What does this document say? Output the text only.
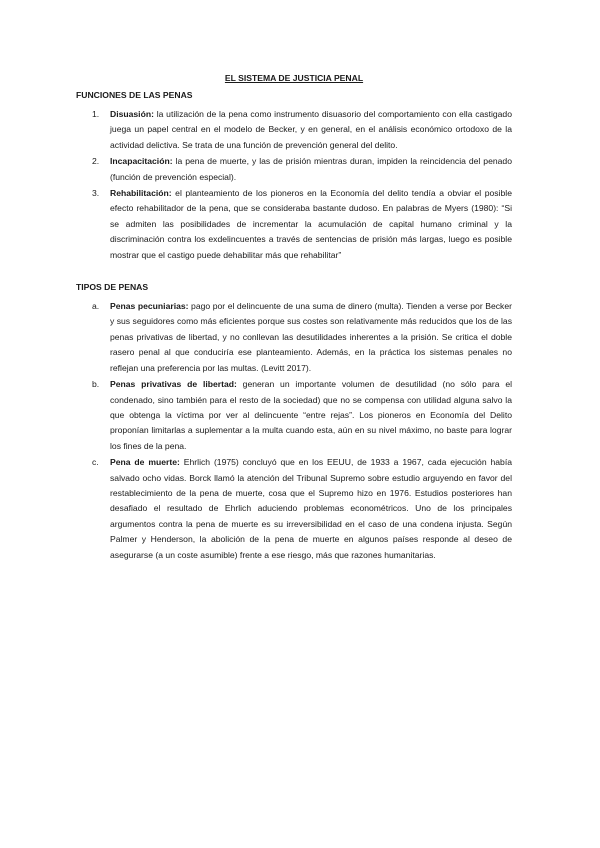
EL SISTEMA DE JUSTICIA PENAL

FUNCIONES DE LAS PENAS

1. Disuasión: la utilización de la pena como instrumento disuasorio del comportamiento con ella castigado juega un papel central en el modelo de Becker, y en general, en el análisis económico ortodoxo de la actividad delictiva. Se trata de una función de prevención general del delito.
2. Incapacitación: la pena de muerte, y las de prisión mientras duran, impiden la reincidencia del penado (función de prevención especial).
3. Rehabilitación: el planteamiento de los pioneros en la Economía del delito tendía a obviar el posible efecto rehabilitador de la pena, que se consideraba bastante dudoso. En palabras de Myers (1980): “Si se admiten las posibilidades de incrementar la acumulación de capital humano criminal y la discriminación contra los exdelincuentes a través de sentencias de prisión más largas, luego es posible mostrar que el castigo puede dehabilitar más que rehabilitar”

TIPOS DE PENAS

a. Penas pecuniarias: pago por el delincuente de una suma de dinero (multa). Tienden a verse por Becker y sus seguidores como más eficientes porque sus costes son relativamente más reducidos que los de las penas privativas de libertad, y no conllevan las desutilidades inherentes a la prisión. Se critica el doble rasero penal al que conduciría ese planteamiento. Además, en la práctica los sistemas penales no reflejan una preferencia por las multas. (Levitt 2017).
b. Penas privativas de libertad: generan un importante volumen de desutilidad (no sólo para el condenado, sino también para el resto de la sociedad) que no se compensa con utilidad alguna salvo la que obtenga la víctima por ver al delincuente “entre rejas”. Los pioneros en Economía del Delito proponían limitarlas a suplementar a la multa cuando esta, aún en su nivel máximo, no baste para lograr los fines de la pena.
c. Pena de muerte: Ehrlich (1975) concluyó que en los EEUU, de 1933 a 1967, cada ejecución había salvado ocho vidas. Borck llamó la atención del Tribunal Supremo sobre estudio arguyendo en favor del restablecimiento de la pena de muerte, cosa que el Supremo hizo en 1976. Estudios posteriores han desafiado el resultado de Ehrlich aduciendo problemas econométricos. Uno de los principales argumentos contra la pena de muerte es su irreversibilidad en el caso de una condena injusta. Según Palmer y Henderson, la abolición de la pena de muerte en algunos países responde al deseo de asegurarse (a un coste asumible) frente a ese riesgo, más que razones humanitarias.
